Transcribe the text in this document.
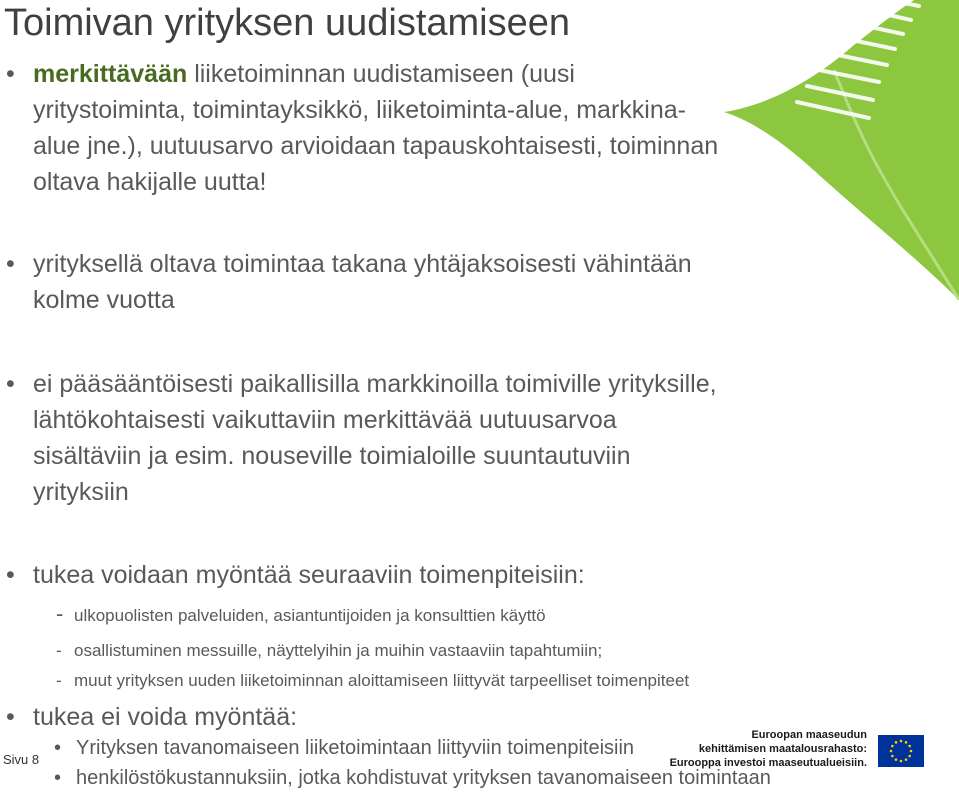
Toimivan yrityksen uudistamiseen
• merkittävään liiketoiminnan uudistamiseen (uusi
yritystoiminta, toimintayksikkö, liiketoiminta-alue, markkina-
alue jne.), uutuusarvo arvioidaan tapauskohtaisesti, toiminnan
oltava hakijalle uutta!
• yrityksellä oltava toimintaa takana yhtäjaksoisesti vähintään
kolme vuotta
• ei pääsääntöisesti paikallisilla markkinoilla toimiville yrityksille,
lähtökohtaisesti vaikuttaviin merkittävää uutuusarvoa
sisältäviin ja esim. nouseville toimialoille suuntautuviin
yrityksiin
• tukea voidaan myöntää seuraaviin toimenpiteisiin:
- ulkopuolisten palveluiden, asiantuntijoiden ja konsulttien käyttö
- osallistuminen messuille, näyttelyihin ja muihin vastaaviin tapahtumiin;
- muut yrityksen uuden liiketoiminnan aloittamiseen liittyvät tarpeelliset toimenpiteet
• tukea ei voida myöntää:
• Yrityksen tavanomaiseen liiketoimintaan liittyviin toimenpiteisiin
• henkilöstökustannuksiin, jotka kohdistuvat yrityksen tavanomaiseen toimintaan
Sivu 8
Euroopan maaseudun
kehittämisen maatalousrahasto:
Eurooppa investoi maaseutualueisiin.
